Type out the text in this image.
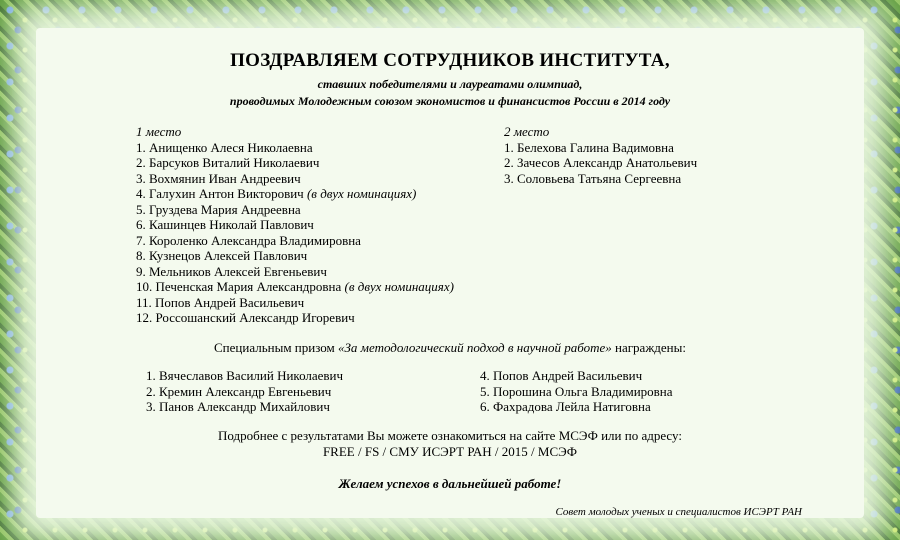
ПОЗДРАВЛЯЕМ СОТРУДНИКОВ ИНСТИТУТА,
ставших победителями и лауреатами олимпиад,
проводимых Молодежным союзом экономистов и финансистов России в 2014 году
1 место
1. Анищенко Алеся Николаевна
2. Барсуков Виталий Николаевич
3. Вохмянин Иван Андреевич
4. Галухин Антон Викторович (в двух номинациях)
5. Груздева Мария Андреевна
6. Кашинцев Николай Павлович
7. Короленко Александра Владимировна
8. Кузнецов Алексей Павлович
9. Мельников Алексей Евгеньевич
10. Печенская Мария Александровна (в двух номинациях)
11. Попов Андрей Васильевич
12. Россошанский Александр Игоревич
2 место
1. Белехова Галина Вадимовна
2. Зачесов Александр Анатольевич
3. Соловьева Татьяна Сергеевна
Специальным призом «За методологический подход в научной работе» награждены:
1. Вячеславов Василий Николаевич
2. Кремин Александр Евгеньевич
3. Панов Александр Михайлович
4. Попов Андрей Васильевич
5. Порошина Ольга Владимировна
6. Фахрадова Лейла Натиговна
Подробнее с результатами Вы можете ознакомиться на сайте МСЭФ или по адресу:
FREE / FS / СМУ ИСЭРТ РАН / 2015 / МСЭФ
Желаем успехов в дальнейшей работе!
Совет молодых ученых и специалистов ИСЭРТ РАН
